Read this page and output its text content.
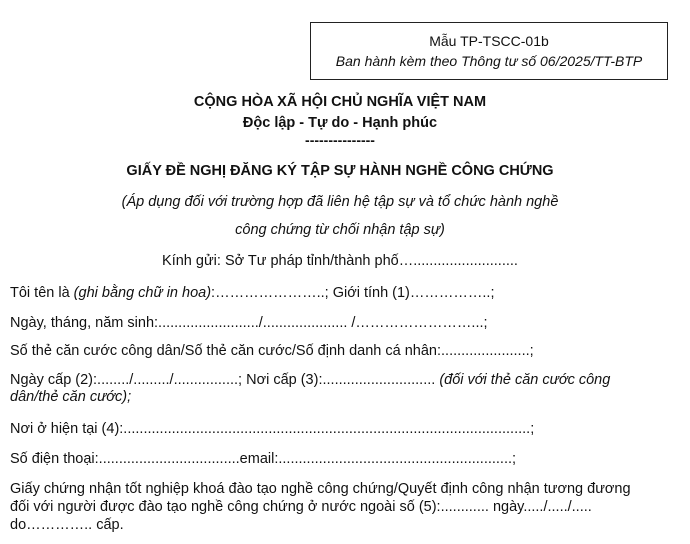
Mẫu TP-TSCC-01b
Ban hành kèm theo Thông tư số 06/2025/TT-BTP
CỘNG HÒA XÃ HỘI CHỦ NGHĨA VIỆT NAM
Độc lập - Tự do - Hạnh phúc
---------------
GIẤY ĐỀ NGHỊ ĐĂNG KÝ TẬP SỰ HÀNH NGHỀ CÔNG CHỨNG
(Áp dụng đối với trường hợp đã liên hệ tập sự và tổ chức hành nghề
công chứng từ chối nhận tập sự)
Kính gửi: Sở Tư pháp tỉnh/thành phố…..........................
Tôi tên là (ghi bằng chữ in hoa):…………………..; Giới tính (1)……………..;
Ngày, tháng, năm sinh:........................./..................... /……………………...;
Số thẻ căn cước công dân/Số thẻ căn cước/Số định danh cá nhân:......................;
Ngày cấp (2):......../........./................; Nơi cấp (3):............................ (đối với thẻ căn cước công
dân/thẻ căn cước);
Nơi ở hiện tại (4):.....................................................................................................;
Số điện thoại:...................................email:..........................................................;
Giấy chứng nhận tốt nghiệp khoá đào tạo nghề công chứng/Quyết định công nhận tương đương
đối với người được đào tạo nghề công chứng ở nước ngoài số (5):............ ngày...../...../.....
do………….. cấp.
